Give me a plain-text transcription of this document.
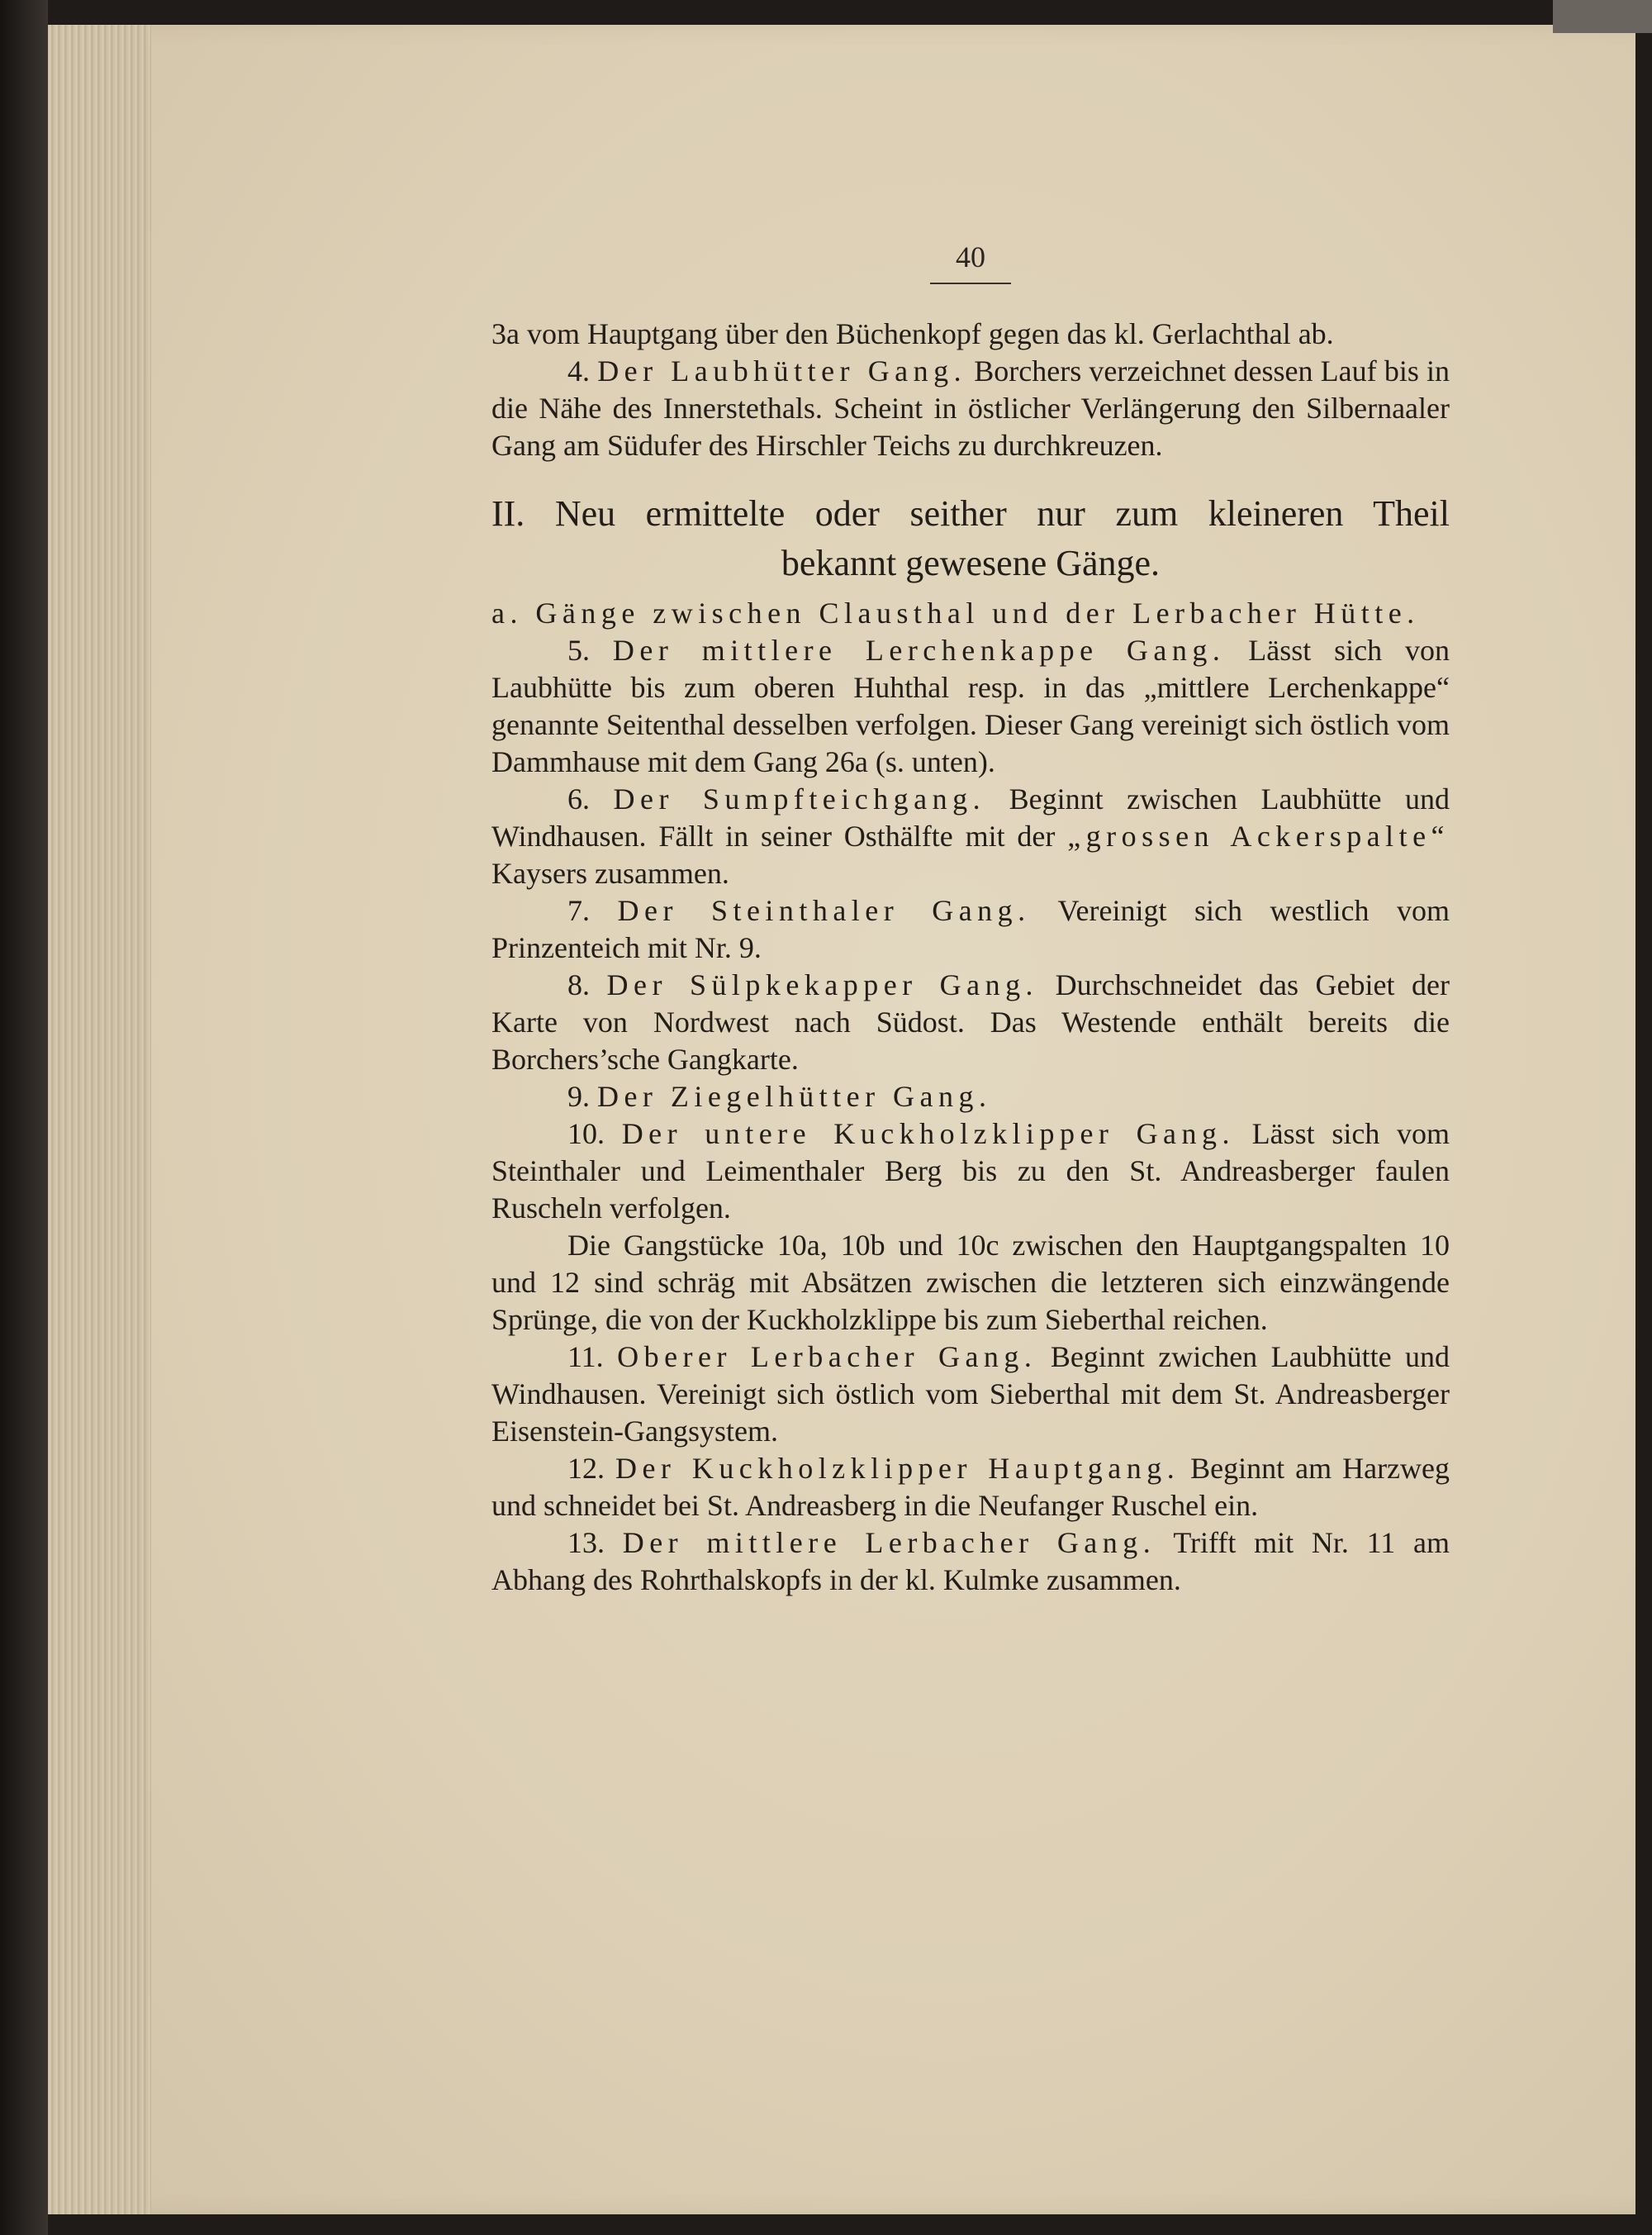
40

3a vom Hauptgang über den Büchenkopf gegen das kl. Gerlachthal ab.

4. Der Laubhütter Gang. Borchers verzeichnet dessen Lauf bis in die Nähe des Innerstethals. Scheint in östlicher Verlängerung den Silbernaaler Gang am Südufer des Hirschler Teichs zu durchkreuzen.

II. Neu ermittelte oder seither nur zum kleineren Theil
bekannt gewesene Gänge.

a. Gänge zwischen Clausthal und der Lerbacher Hütte.

5. Der mittlere Lerchenkappe Gang. Lässt sich von Laubhütte bis zum oberen Huhthal resp. in das „mittlere Lerchenkappe“ genannte Seitenthal desselben verfolgen. Dieser Gang vereinigt sich östlich vom Dammhause mit dem Gang 26a (s. unten).

6. Der Sumpfteichgang. Beginnt zwischen Laubhütte und Windhausen. Fällt in seiner Osthälfte mit der „grossen Ackerspalte“ Kaysers zusammen.

7. Der Steinthaler Gang. Vereinigt sich westlich vom Prinzenteich mit Nr. 9.

8. Der Sülpkekapper Gang. Durchschneidet das Gebiet der Karte von Nordwest nach Südost. Das Westende enthält bereits die Borchers’sche Gangkarte.

9. Der Ziegelhütter Gang.

10. Der untere Kuckholzklipper Gang. Lässt sich vom Steinthaler und Leimenthaler Berg bis zu den St. Andreasberger faulen Ruscheln verfolgen.

Die Gangstücke 10a, 10b und 10c zwischen den Hauptgangspalten 10 und 12 sind schräg mit Absätzen zwischen die letzteren sich einzwängende Sprünge, die von der Kuckholzklippe bis zum Sieberthal reichen.

11. Oberer Lerbacher Gang. Beginnt zwichen Laubhütte und Windhausen. Vereinigt sich östlich vom Sieberthal mit dem St. Andreasberger Eisenstein-Gangsystem.

12. Der Kuckholzklipper Hauptgang. Beginnt am Harzweg und schneidet bei St. Andreasberg in die Neufanger Ruschel ein.

13. Der mittlere Lerbacher Gang. Trifft mit Nr. 11 am Abhang des Rohrthalskopfs in der kl. Kulmke zusammen.
